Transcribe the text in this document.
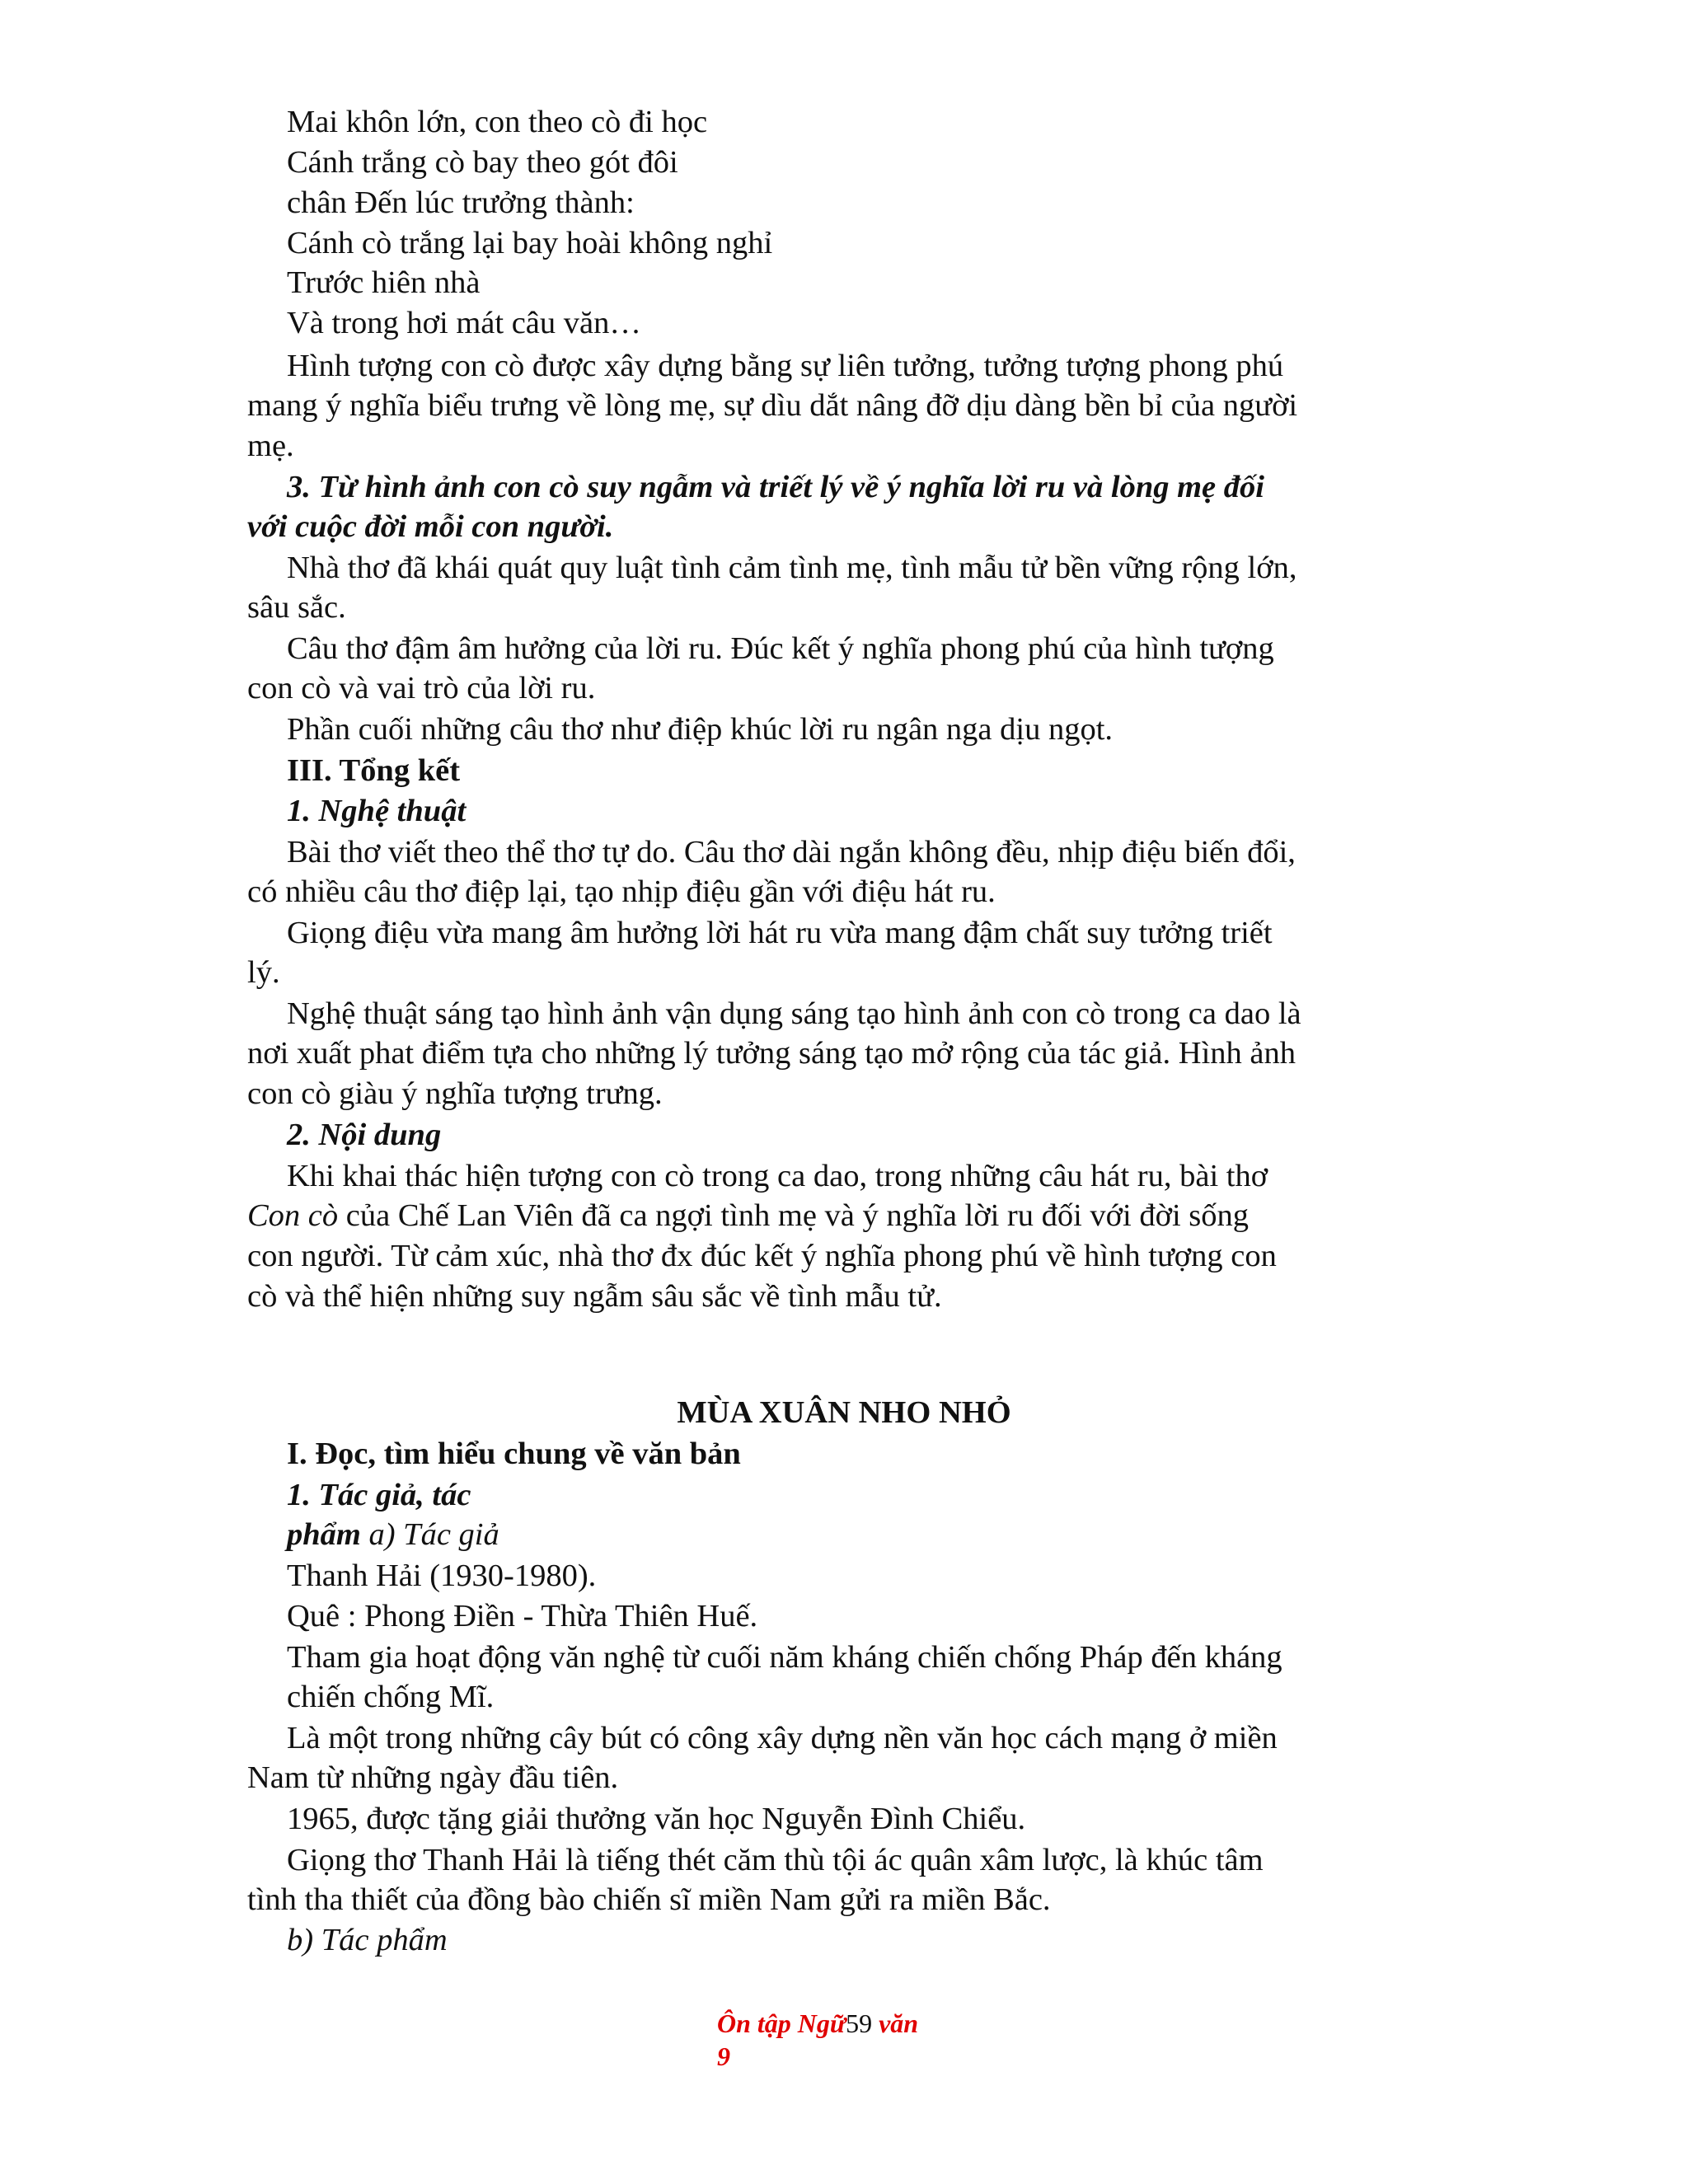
Mai khôn lớn, con theo cò đi học

Cánh trắng cò bay theo gót đôi

chân Đến lúc trưởng thành:

Cánh cò trắng lại bay hoài không nghỉ

Trước hiên nhà

Và trong hơi mát câu văn…

Hình tượng con cò được xây dựng bằng sự liên tưởng, tưởng tượng phong phú

mang ý nghĩa biểu trưng về lòng mẹ, sự dìu dắt nâng đỡ dịu dàng bền bỉ của người

mẹ.

3. Từ hình ảnh con cò suy ngẫm và triết lý về ý nghĩa lời ru và lòng mẹ đối

với cuộc đời mỗi con người.

Nhà thơ đã khái quát quy luật tình cảm tình mẹ, tình mẫu tử bền vững rộng lớn,

sâu sắc.

Câu thơ đậm âm hưởng của lời ru. Đúc kết ý nghĩa phong phú của hình tượng

con cò và vai trò của lời ru.

Phần cuối những câu thơ như điệp khúc lời ru ngân nga dịu ngọt.

III. Tổng kết

1. Nghệ thuật

Bài thơ viết theo thể thơ tự do. Câu thơ dài ngắn không đều, nhịp điệu biến đổi,

có nhiều câu thơ điệp lại, tạo nhịp điệu gần với điệu hát ru.

Giọng điệu vừa mang âm hưởng lời hát ru vừa mang đậm chất suy tưởng triết

lý.

Nghệ thuật sáng tạo hình ảnh vận dụng sáng tạo hình ảnh con cò trong ca dao là

nơi xuất phat điểm tựa cho những lý tưởng sáng tạo mở rộng của tác giả. Hình ảnh

con cò giàu ý nghĩa tượng trưng.

2. Nội dung

Khi khai thác hiện tượng con cò trong ca dao, trong những câu hát ru, bài thơ

Con cò của Chế Lan Viên đã ca ngợi tình mẹ và ý nghĩa lời ru đối với đời sống

con người. Từ cảm xúc, nhà thơ đx đúc kết ý nghĩa phong phú về hình tượng con

cò và thể hiện những suy ngẫm sâu sắc về tình mẫu tử.

MÙA XUÂN NHO NHỎ

I. Đọc, tìm hiểu chung về văn bản

1. Tác giả, tác

phẩm a) Tác giả

Thanh Hải (1930-1980).

Quê : Phong Điền - Thừa Thiên Huế.

Tham gia hoạt động văn nghệ từ cuối năm kháng chiến chống Pháp đến kháng

chiến chống Mĩ.

Là một trong những cây bút có công xây dựng nền văn học cách mạng ở miền

Nam từ những ngày đầu tiên.

1965, được tặng giải thưởng văn học Nguyễn Đình Chiểu.

Giọng thơ Thanh Hải là tiếng thét căm thù tội ác quân xâm lược, là khúc tâm

tình tha thiết của đồng bào chiến sĩ miền Nam gửi ra miền Bắc.

b) Tác phẩm

Ôn tập Ngữ59 văn
9
